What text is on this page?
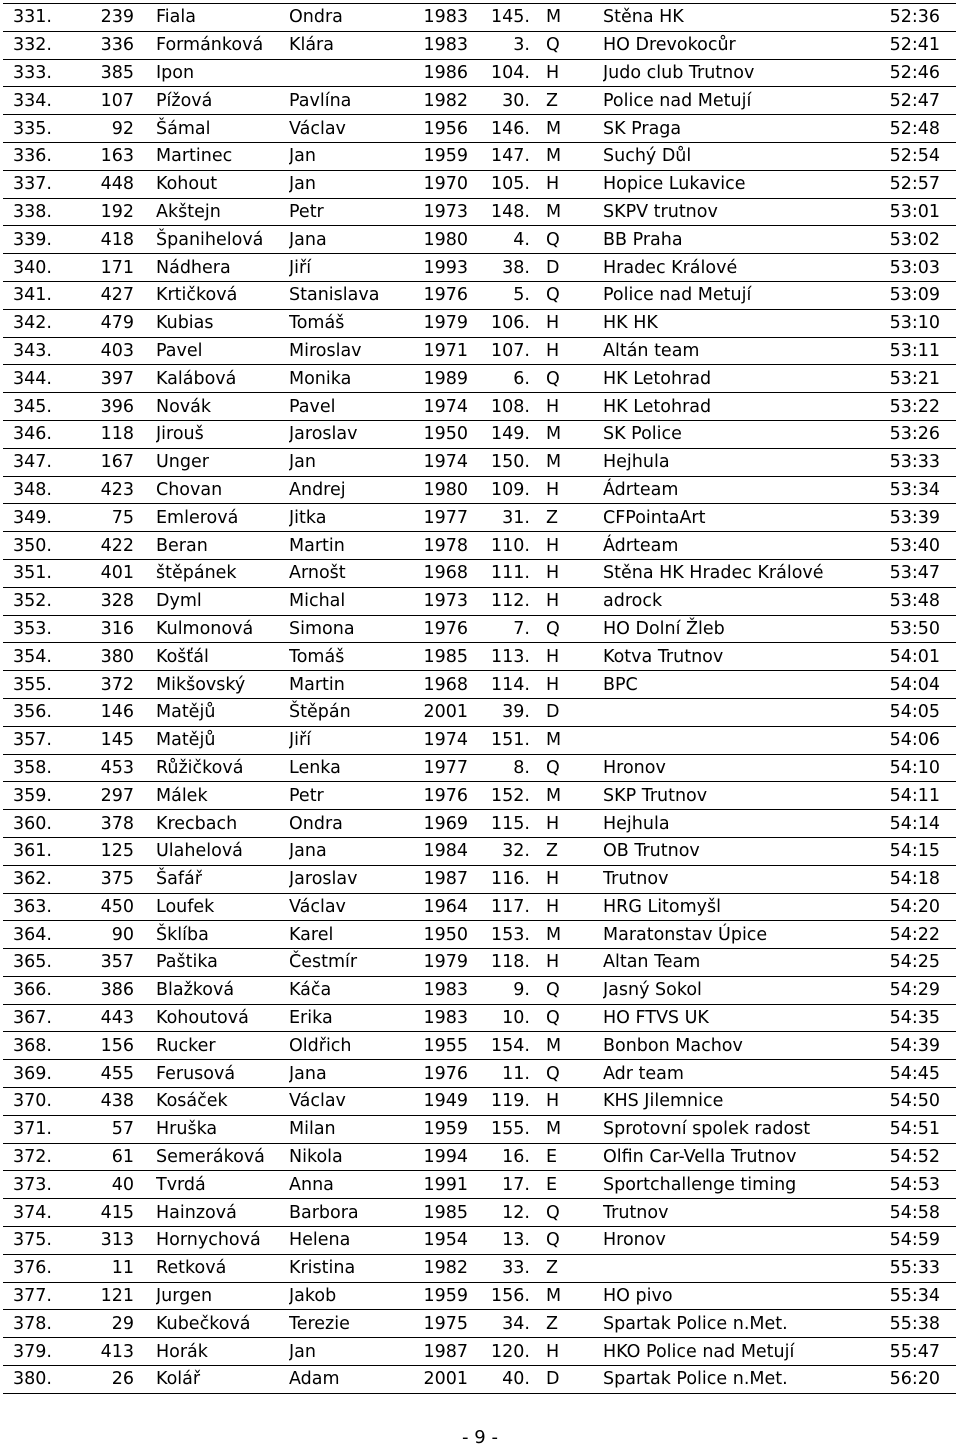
331.	239	Fiala	Ondra	1983	145.	M	Stěna HK	52:36
332.	336	Formánková	Klára	1983	3.	Q	HO Drevokocůr	52:41
333.	385	Ipon		1986	104.	H	Judo club Trutnov	52:46
334.	107	Pížová	Pavlína	1982	30.	Z	Police nad Metují	52:47
335.	92	Šámal	Václav	1956	146.	M	SK Praga	52:48
336.	163	Martinec	Jan	1959	147.	M	Suchý Důl	52:54
337.	448	Kohout	Jan	1970	105.	H	Hopice Lukavice	52:57
338.	192	Akštejn	Petr	1973	148.	M	SKPV trutnov	53:01
339.	418	Španihelová	Jana	1980	4.	Q	BB Praha	53:02
340.	171	Nádhera	Jiří	1993	38.	D	Hradec Králové	53:03
341.	427	Krtičková	Stanislava	1976	5.	Q	Police nad Metují	53:09
342.	479	Kubias	Tomáš	1979	106.	H	HK HK	53:10
343.	403	Pavel	Miroslav	1971	107.	H	Altán team	53:11
344.	397	Kalábová	Monika	1989	6.	Q	HK Letohrad	53:21
345.	396	Novák	Pavel	1974	108.	H	HK Letohrad	53:22
346.	118	Jirouš	Jaroslav	1950	149.	M	SK Police	53:26
347.	167	Unger	Jan	1974	150.	M	Hejhula	53:33
348.	423	Chovan	Andrej	1980	109.	H	Ádrteam	53:34
349.	75	Emlerová	Jitka	1977	31.	Z	CFPointaArt	53:39
350.	422	Beran	Martin	1978	110.	H	Ádrteam	53:40
351.	401	štěpánek	Arnošt	1968	111.	H	Stěna HK Hradec Králové	53:47
352.	328	Dyml	Michal	1973	112.	H	adrock	53:48
353.	316	Kulmonová	Simona	1976	7.	Q	HO Dolní Žleb	53:50
354.	380	Košťál	Tomáš	1985	113.	H	Kotva Trutnov	54:01
355.	372	Mikšovský	Martin	1968	114.	H	BPC	54:04
356.	146	Matějů	Štěpán	2001	39.	D		54:05
357.	145	Matějů	Jiří	1974	151.	M		54:06
358.	453	Růžičková	Lenka	1977	8.	Q	Hronov	54:10
359.	297	Málek	Petr	1976	152.	M	SKP Trutnov	54:11
360.	378	Krecbach	Ondra	1969	115.	H	Hejhula	54:14
361.	125	Ulahelová	Jana	1984	32.	Z	OB Trutnov	54:15
362.	375	Šafář	Jaroslav	1987	116.	H	Trutnov	54:18
363.	450	Loufek	Václav	1964	117.	H	HRG Litomyšl	54:20
364.	90	Šklíba	Karel	1950	153.	M	Maratonstav Úpice	54:22
365.	357	Paštika	Čestmír	1979	118.	H	Altan Team	54:25
366.	386	Blažková	Káča	1983	9.	Q	Jasný Sokol	54:29
367.	443	Kohoutová	Erika	1983	10.	Q	HO FTVS UK	54:35
368.	156	Rucker	Oldřich	1955	154.	M	Bonbon Machov	54:39
369.	455	Ferusová	Jana	1976	11.	Q	Adr team	54:45
370.	438	Kosáček	Václav	1949	119.	H	KHS Jilemnice	54:50
371.	57	Hruška	Milan	1959	155.	M	Sprotovní spolek radost	54:51
372.	61	Semeráková	Nikola	1994	16.	E	Olfin Car-Vella Trutnov	54:52
373.	40	Tvrdá	Anna	1991	17.	E	Sportchallenge timing	54:53
374.	415	Hainzová	Barbora	1985	12.	Q	Trutnov	54:58
375.	313	Hornychová	Helena	1954	13.	Q	Hronov	54:59
376.	11	Retková	Kristina	1982	33.	Z		55:33
377.	121	Jurgen	Jakob	1959	156.	M	HO pivo	55:34
378.	29	Kubečková	Terezie	1975	34.	Z	Spartak Police n.Met.	55:38
379.	413	Horák	Jan	1987	120.	H	HKO Police nad Metují	55:47
380.	26	Kolář	Adam	2001	40.	D	Spartak Police n.Met.	56:20
- 9 -
